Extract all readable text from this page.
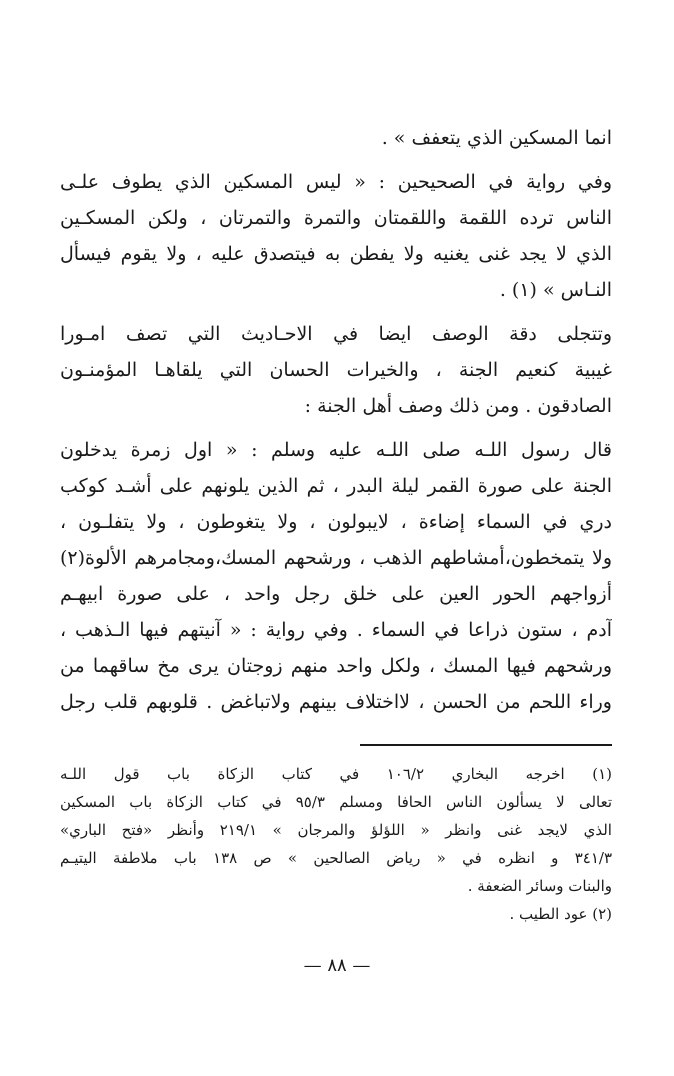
انما المسكين الذي يتعفف » .
وفي رواية في الصحيحين : « ليس المسكين الذي يطوف علـى
الناس ترده اللقمة واللقمتان والتمرة والتمرتان ، ولكن المسكـين
الذي لا يجد غنى يغنيه ولا يفطن به فيتصدق عليه ، ولا يقوم فيسأل
النـاس » (١) .
وتتجلى دقة الوصف ايضا في الاحـاديث التي تصف امـورا
غيبية كنعيم الجنة ، والخيرات الحسان التي يلقاهـا المؤمنـون
الصادقون . ومن ذلك وصف أهل الجنة :
قال رسول اللـه صلى اللـه عليه وسلم : « اول زمرة يدخلون
الجنة على صورة القمر ليلة البدر ، ثم الذين يلونهم على أشـد كوكب
دري في السماء إضاءة ، لايبولون ، ولا يتغوطون ، ولا يتفلـون ،
ولا يتمخطون،أمشاطهم الذهب ، ورشحهم المسك،ومجامرهم الألوة(٢)
أزواجهم الحور العين على خلق رجل واحد ، على صورة ابيهـم
آدم ، ستون ذراعا في السماء . وفي رواية : « آنيتهم فيها الـذهب ،
ورشحهم فيها المسك ، ولكل واحد منهم زوجتان يرى مخ ساقهما من
وراء اللحم من الحسن ، لااختلاف بينهم ولاتباغض . قلوبهم قلب رجل
(١) اخرجه البخاري ١٠٦/٢ في كتاب الزكاة باب قول اللـه
تعالى لا يسألون الناس الحافا ومسلم ٩٥/٣ في كتاب الزكاة باب المسكين
الذي لايجد غنى وانظر « اللؤلؤ والمرجان » ٢١٩/١ وأنظر «فتح الباري»
٣٤١/٣ و انظره في « رياض الصالحين » ص ١٣٨ باب ملاطفة اليتيـم
والبنات وسائر الضعفة .
(٢) عود الطيب .
— ٨٨ —
